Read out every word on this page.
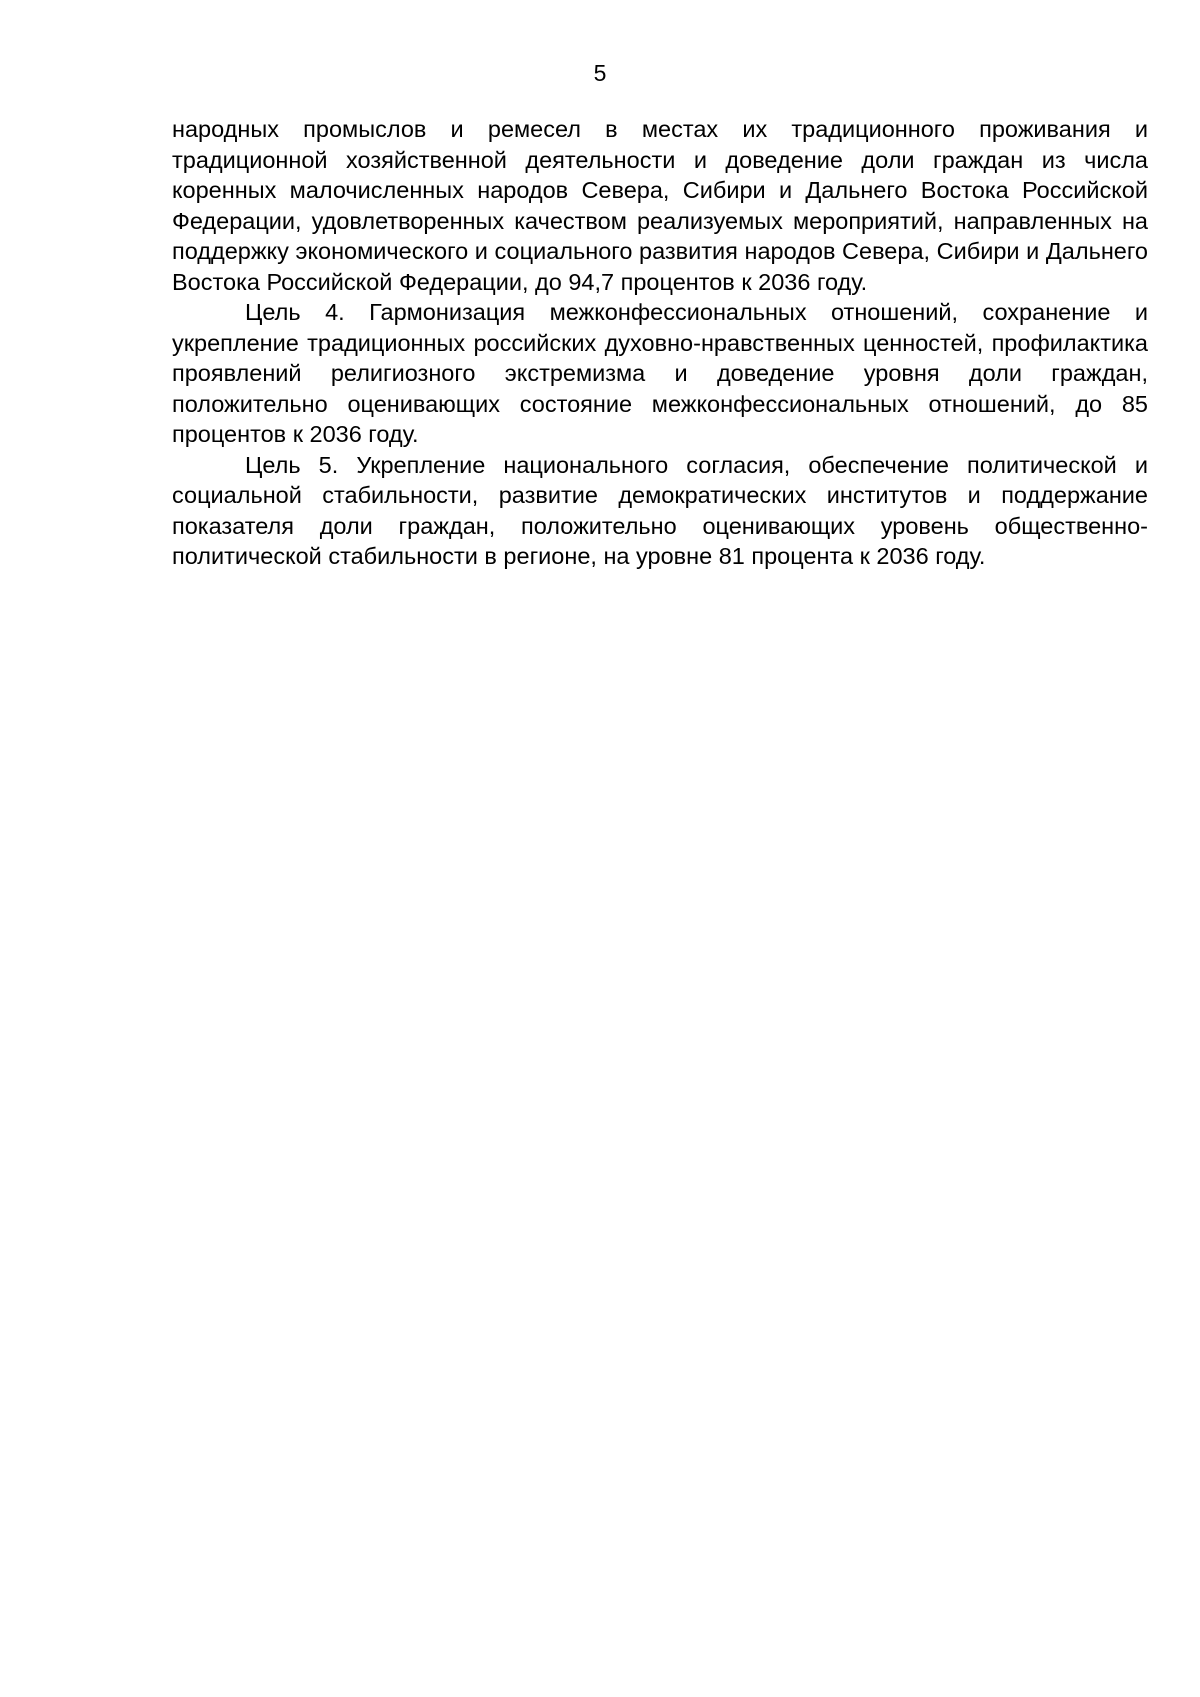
5

народных промыслов и ремесел в местах их традиционного проживания и традиционной хозяйственной деятельности и доведение доли граждан из числа коренных малочисленных народов Севера, Сибири и Дальнего Востока Российской Федерации, удовлетворенных качеством реализуемых мероприятий, направленных на поддержку экономического и социального развития народов Севера, Сибири и Дальнего Востока Российской Федерации, до 94,7 процентов к 2036 году.

Цель 4. Гармонизация межконфессиональных отношений, сохранение и укрепление традиционных российских духовно-нравственных ценностей, профилактика проявлений религиозного экстремизма и доведение уровня доли граждан, положительно оценивающих состояние межконфессиональных отношений, до 85 процентов к 2036 году.

Цель 5. Укрепление национального согласия, обеспечение политической и социальной стабильности, развитие демократических институтов и поддержание показателя доли граждан, положительно оценивающих уровень общественно-политической стабильности в регионе, на уровне 81 процента к 2036 году.
